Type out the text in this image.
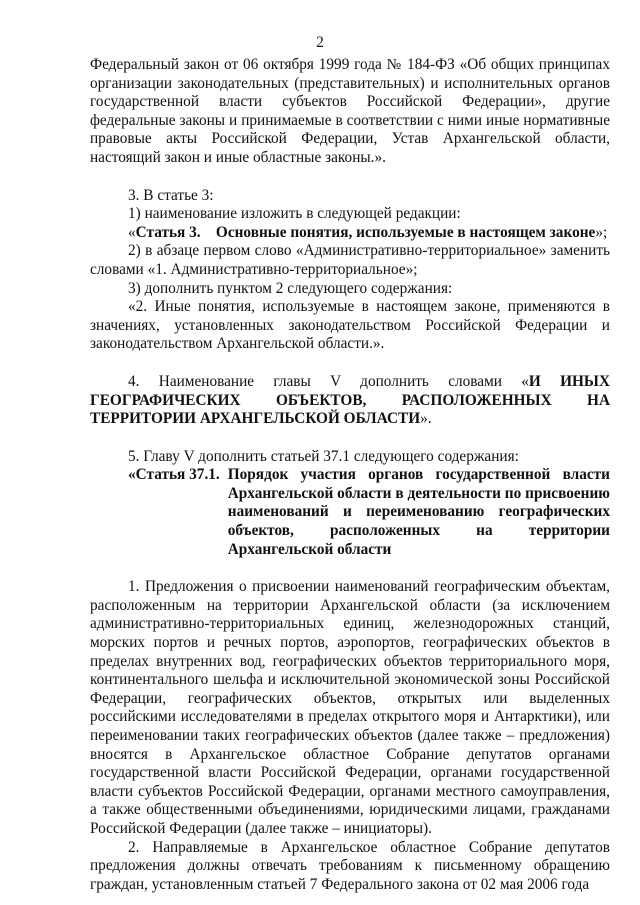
2

Федеральный закон от 06 октября 1999 года № 184-ФЗ «Об общих принципах организации законодательных (представительных) и исполнительных органов государственной власти субъектов Российской Федерации», другие федеральные законы и принимаемые в соответствии с ними иные нормативные правовые акты Российской Федерации, Устав Архангельской области, настоящий закон и иные областные законы.».

3. В статье 3:

1) наименование изложить в следующей редакции:

«Статья 3.    Основные понятия, используемые в настоящем законе»;

2) в абзаце первом слово «Административно-территориальное» заменить словами «1. Административно-территориальное»;

3) дополнить пунктом 2 следующего содержания:

«2. Иные понятия, используемые в настоящем законе, применяются в значениях, установленных законодательством Российской Федерации и законодательством Архангельской области.».

4. Наименование главы V дополнить словами «И ИНЫХ ГЕОГРАФИЧЕСКИХ ОБЪЕКТОВ, РАСПОЛОЖЕННЫХ НА ТЕРРИТОРИИ АРХАНГЕЛЬСКОЙ ОБЛАСТИ».

5. Главу V дополнить статьей 37.1 следующего содержания:

«Статья 37.1. Порядок участия органов государственной власти Архангельской области в деятельности по присвоению наименований и переименованию географических объектов, расположенных на территории Архангельской области

1. Предложения о присвоении наименований географическим объектам, расположенным на территории Архангельской области (за исключением административно-территориальных единиц, железнодорожных станций, морских портов и речных портов, аэропортов, географических объектов в пределах внутренних вод, географических объектов территориального моря, континентального шельфа и исключительной экономической зоны Российской Федерации, географических объектов, открытых или выделенных российскими исследователями в пределах открытого моря и Антарктики), или переименовании таких географических объектов (далее также – предложения) вносятся в Архангельское областное Собрание депутатов органами государственной власти Российской Федерации, органами государственной власти субъектов Российской Федерации, органами местного самоуправления, а также общественными объединениями, юридическими лицами, гражданами Российской Федерации (далее также – инициаторы).

2. Направляемые в Архангельское областное Собрание депутатов предложения должны отвечать требованиям к письменному обращению граждан, установленным статьей 7 Федерального закона от 02 мая 2006 года
